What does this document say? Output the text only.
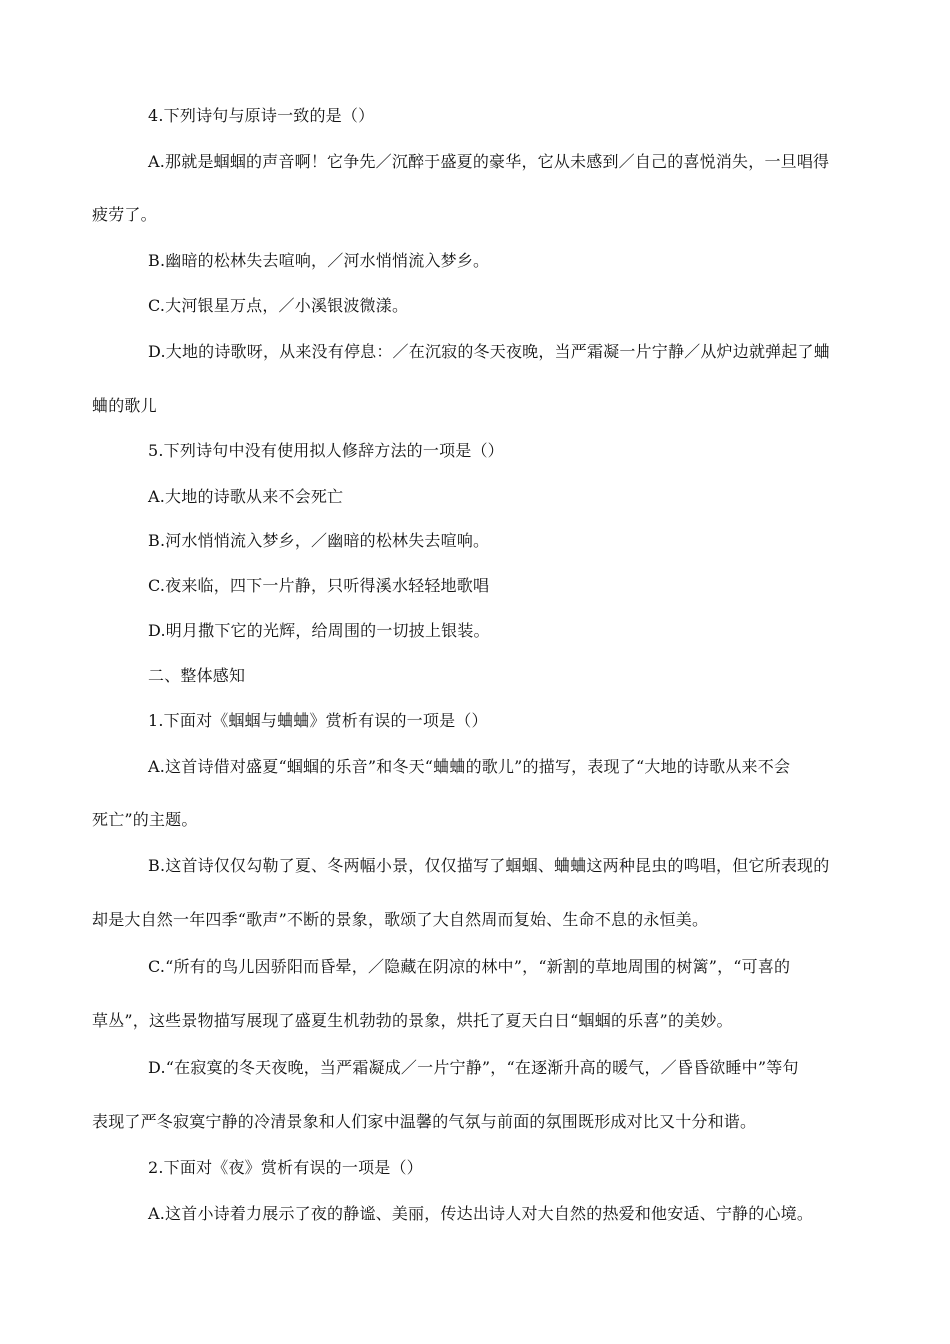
4.下列诗句与原诗一致的是（）
A.那就是蝈蝈的声音啊！它争先／沉醉于盛夏的豪华，它从未感到／自己的喜悦消失，一旦唱得
疲劳了。
B.幽暗的松林失去喧响，／河水悄悄流入梦乡。
C.大河银星万点，／小溪银波微漾。
D.大地的诗歌呀，从来没有停息：／在沉寂的冬天夜晚，当严霜凝一片宁静／从炉边就弹起了蛐
蛐的歌儿
5.下列诗句中没有使用拟人修辞方法的一项是（）
A.大地的诗歌从来不会死亡
B.河水悄悄流入梦乡，／幽暗的松林失去喧响。
C.夜来临，四下一片静，只听得溪水轻轻地歌唱
D.明月撒下它的光辉，给周围的一切披上银装。
二、整体感知
1.下面对《蝈蝈与蛐蛐》赏析有误的一项是（）
A.这首诗借对盛夏“蝈蝈的乐音”和冬天“蛐蛐的歌儿”的描写，表现了“大地的诗歌从来不会
死亡”的主题。
B.这首诗仅仅勾勒了夏、冬两幅小景，仅仅描写了蝈蝈、蛐蛐这两种昆虫的鸣唱，但它所表现的
却是大自然一年四季“歌声”不断的景象，歌颂了大自然周而复始、生命不息的永恒美。
C.“所有的鸟儿因骄阳而昏晕，／隐藏在阴凉的林中”，“新割的草地周围的树篱”，“可喜的
草丛”，这些景物描写展现了盛夏生机勃勃的景象，烘托了夏天白日“蝈蝈的乐喜”的美妙。
D.“在寂寞的冬天夜晚，当严霜凝成／一片宁静”，“在逐渐升高的暖气，／昏昏欲睡中”等句
表现了严冬寂寞宁静的冷清景象和人们家中温馨的气氛与前面的氛围既形成对比又十分和谐。
2.下面对《夜》赏析有误的一项是（）
A.这首小诗着力展示了夜的静谧、美丽，传达出诗人对大自然的热爱和他安适、宁静的心境。
